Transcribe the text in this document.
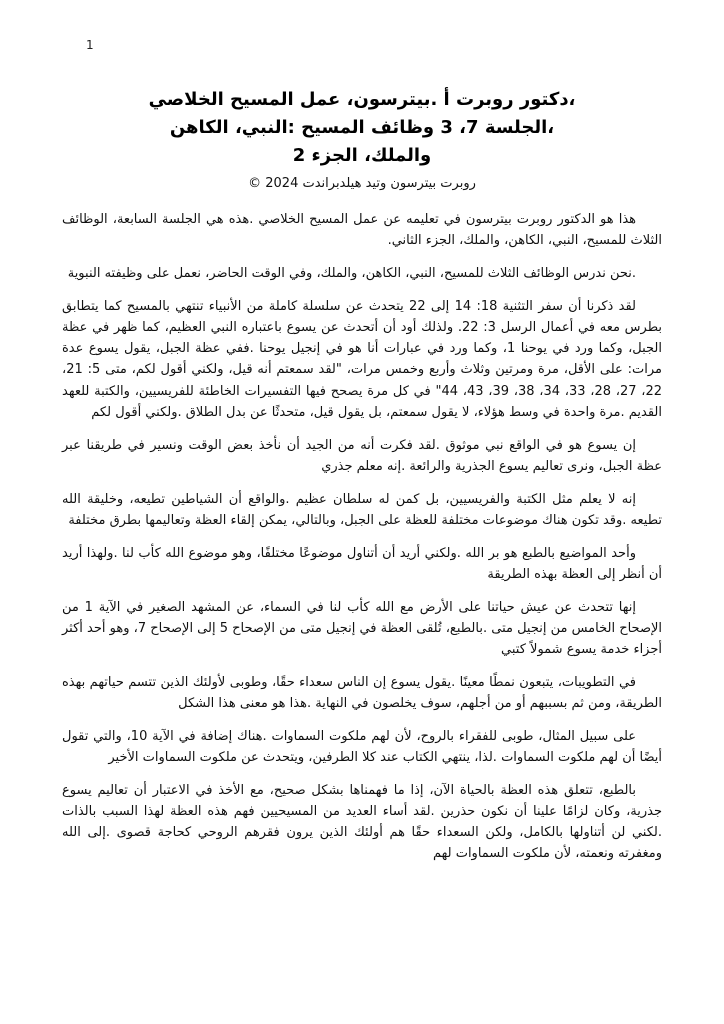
1
،دكتور روبرت أ .بيترسون، عمل المسيح الخلاصي
،الجلسة 7، 3 وظائف المسيح :النبي، الكاهن
والملك، الجزء 2
روبرت بيترسون وتيد هيلدبراندت 2024 ©

هذا هو الدكتور روبرت بيترسون في تعليمه عن عمل المسيح الخلاصي .هذه هي الجلسة السابعة، الوظائف الثلاث للمسيح، النبي، الكاهن، والملك، الجزء الثاني.

.نحن ندرس الوظائف الثلاث للمسيح، النبي، الكاهن، والملك، وفي الوقت الحاضر، نعمل على وظيفته النبوية

لقد ذكرنا أن سفر التثنية 18: 14 إلى 22 يتحدث عن سلسلة كاملة من الأنبياء تنتهي بالمسيح كما يتطابق بطرس معه في أعمال الرسل 3: 22. ولذلك أود أن أتحدث عن يسوع باعتباره النبي العظيم، كما ظهر في عظة الجبل، وكما ورد في يوحنا 1، وكما ورد في عبارات أنا هو في إنجيل يوحنا .ففي عظة الجبل، يقول يسوع عدة مرات: على الأقل، مرة ومرتين وثلاث وأربع وخمس مرات، "لقد سمعتم أنه قيل، ولكني أقول لكم، متى 5: 21، 22، 27، 28، 33، 34، 38، 39، 43، 44" في كل مرة يصحح فيها التفسيرات الخاطئة للفريسيين، والكتبة للعهد القديم .مرة واحدة في وسط هؤلاء، لا يقول سمعتم، بل يقول قيل، متحدثًا عن بدل الطلاق .ولكني أقول لكم

إن يسوع هو في الواقع نبي موثوق .لقد فكرت أنه من الجيد أن نأخذ بعض الوقت ونسير في طريقنا عبر عظة الجبل، ونرى تعاليم يسوع الجذرية والرائعة .إنه معلم جذري

إنه لا يعلم مثل الكتبة والفريسيين، بل كمن له سلطان عظيم .والواقع أن الشياطين تطيعه، وخليقة الله تطيعه .وقد تكون هناك موضوعات مختلفة للعظة على الجبل، وبالتالي، يمكن إلقاء العظة وتعاليمها بطرق مختلفة

وأحد المواضيع بالطبع هو بر الله .ولكني أريد أن أتناول موضوعًا مختلفًا، وهو موضوع الله كأب لنا .ولهذا أريد أن أنظر إلى العظة بهذه الطريقة

إنها تتحدث عن عيش حياتنا على الأرض مع الله كأب لنا في السماء، عن المشهد الصغير في الآية 1 من الإصحاح الخامس من إنجيل متى .بالطبع، تُلقى العظة في إنجيل متى من الإصحاح 5 إلى الإصحاح 7، وهو أحد أكثر أجزاء خدمة يسوع شمولاً كتبي

في التطويبات، يتبعون نمطًا معينًا .يقول يسوع إن الناس سعداء حقًا، وطوبى لأولئك الذين تتسم حياتهم بهذه الطريقة، ومن ثم بسببهم أو من أجلهم، سوف يخلصون في النهاية .هذا هو معنى هذا الشكل

على سبيل المثال، طوبى للفقراء بالروح، لأن لهم ملكوت السماوات .هناك إضافة في الآية 10، والتي تقول أيضًا أن لهم ملكوت السماوات .لذا، ينتهي الكتاب عند كلا الطرفين، ويتحدث عن ملكوت السماوات الأخير

بالطبع، تتعلق هذه العظة بالحياة الآن، إذا ما فهمناها بشكل صحيح، مع الأخذ في الاعتبار أن تعاليم يسوع جذرية، وكان لزامًا علينا أن نكون حذرين .لقد أساء العديد من المسيحيين فهم هذه العظة لهذا السبب بالذات .لكني لن أتناولها بالكامل، ولكن السعداء حقًا هم أولئك الذين يرون فقرهم الروحي كحاجة قصوى .إلى الله ومغفرته ونعمته، لأن ملكوت السماوات لهم
